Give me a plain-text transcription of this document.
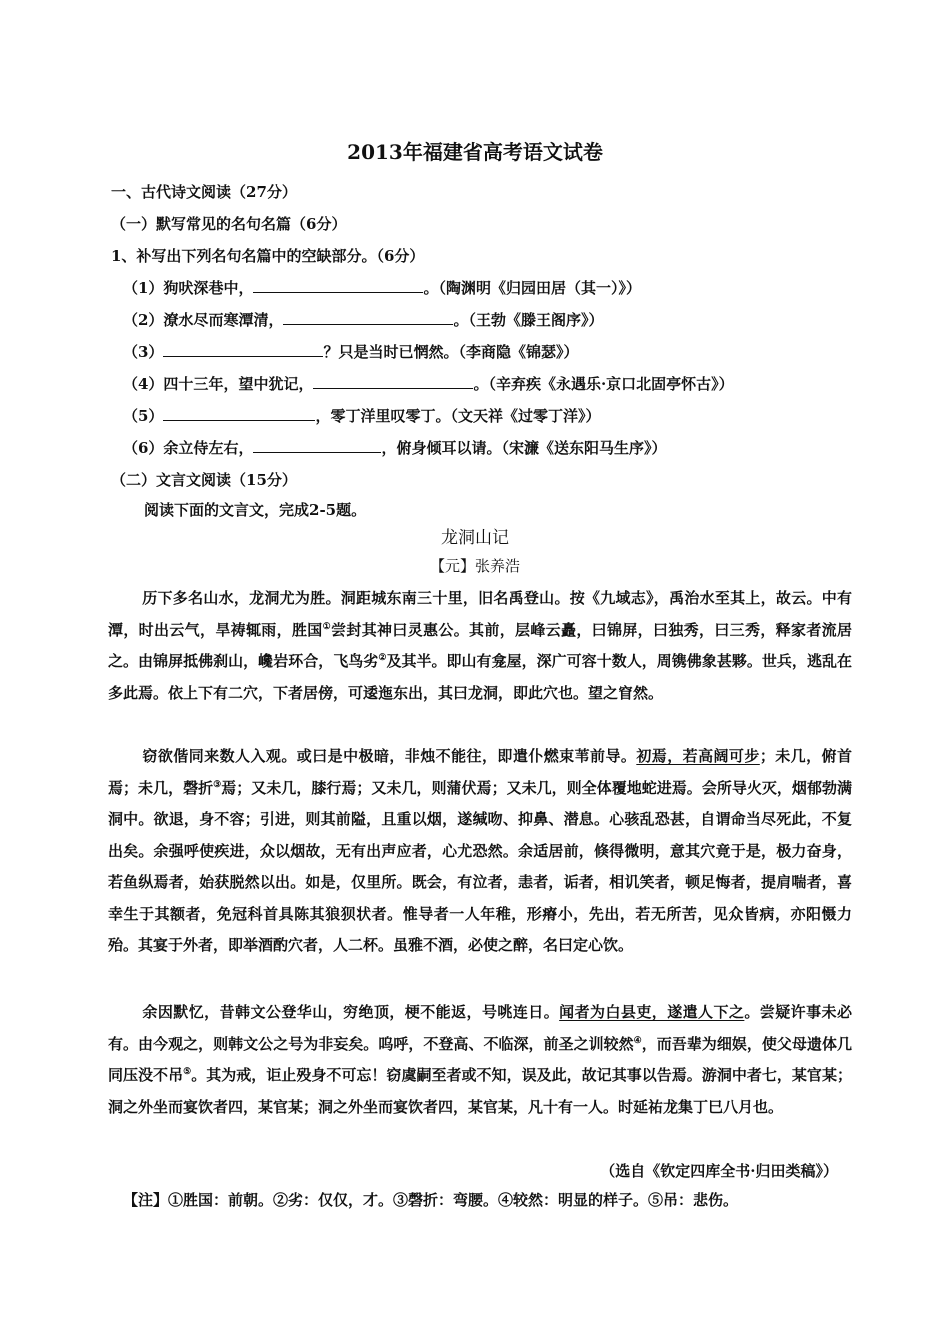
2013年福建省高考语文试卷
一、古代诗文阅读（27分）
（一）默写常见的名句名篇（6分）
1、补写出下列名句名篇中的空缺部分。（6分）
（1）狗吠深巷中，	。（陶渊明《归园田居（其一）》）
（2）潦水尽而寒潭清，	。（王勃《滕王阁序》）
（3）	？只是当时已惘然。（李商隐《锦瑟》）
（4）四十三年，望中犹记，	。（辛弃疾《永遇乐·京口北固亭怀古》）
（5）	，零丁洋里叹零丁。（文天祥《过零丁洋》）
（6）余立侍左右，	，俯身倾耳以请。（宋濂《送东阳马生序》）
（二）文言文阅读（15分）
阅读下面的文言文，完成2-5题。
龙洞山记
【元】张养浩
历下多名山水，龙洞尤为胜。洞距城东南三十里，旧名禹登山。按《九域志》，禹治水至其上，故云。中有潭，时出云气，旱祷辄雨，胜国①尝封其神曰灵惠公。其前，层峰云矗，曰锦屏，曰独秀，曰三秀，释家者流居之。由锦屏抵佛刹山，巉岩环合，飞鸟劣②及其半。即山有龛屋，深广可容十数人，周镌佛象甚夥。世兵，逃乱在多此焉。依上下有二穴，下者居傍，可逶迤东出，其曰龙洞，即此穴也。望之窅然。
窃欲偕同来数人入观。或曰是中极暗，非烛不能往，即遣仆燃束苇前导。初焉，若高阔可步；未几，俯首焉；未几，磬折③焉；又未几，膝行焉；又未几，则蒲伏焉；又未几，则全体覆地蛇进焉。会所导火灭，烟郁勃满洞中。欲退，身不容；引进，则其前隘，且重以烟，遂缄吻、抑鼻、潜息。心骇乱恐甚，自谓命当尽死此，不复出矣。余强呼使疾进，众以烟故，无有出声应者，心尤恐然。余适居前，倏得微明，意其穴竟于是，极力奋身，若鱼纵焉者，始获脱然以出。如是，仅里所。既会，有泣者，恚者，诟者，相讥笑者，顿足悔者，提肩喘者，喜幸生于其额者，免冠科首具陈其狼狈状者。惟导者一人年稚，形瘠小，先出，若无所苦，见众皆病，亦阳慑力殆。其宴于外者，即举酒酌穴者，人二杯。虽雅不酒，必使之醉，名曰定心饮。
余因默忆，昔韩文公登华山，穷绝顶，梗不能返，号咷连日。闻者为白县吏，遂遣人下之。尝疑许事未必有。由今观之，则韩文公之号为非妄矣。呜呼，不登高、不临深，前圣之训较然④，而吾辈为细娱，使父母遗体几同压没不吊⑤。其为戒，讵止殁身不可忘！窃虞嗣至者或不知，误及此，故记其事以告焉。游洞中者七，某官某；洞之外坐而宴饮者四，某官某；洞之外坐而宴饮者四，某官某，凡十有一人。时延祐龙集丁巳八月也。
（选自《钦定四库全书·归田类稿》）
【注】①胜国：前朝。②劣：仅仅，才。③磬折：弯腰。④较然：明显的样子。⑤吊：悲伤。
